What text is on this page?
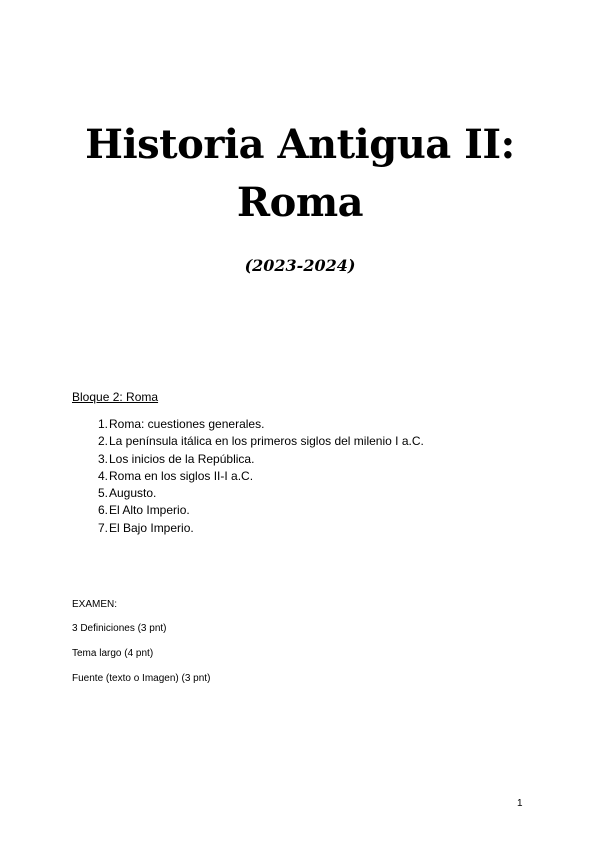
Historia Antigua II:
Roma
(2023-2024)
Bloque 2: Roma
1. Roma: cuestiones generales.
2. La península itálica en los primeros siglos del milenio I a.C.
3. Los inicios de la República.
4. Roma en los siglos II-I a.C.
5. Augusto.
6. El Alto Imperio.
7. El Bajo Imperio.
EXAMEN:
3 Definiciones (3 pnt)
Tema largo (4 pnt)
Fuente (texto o Imagen) (3 pnt)
1
